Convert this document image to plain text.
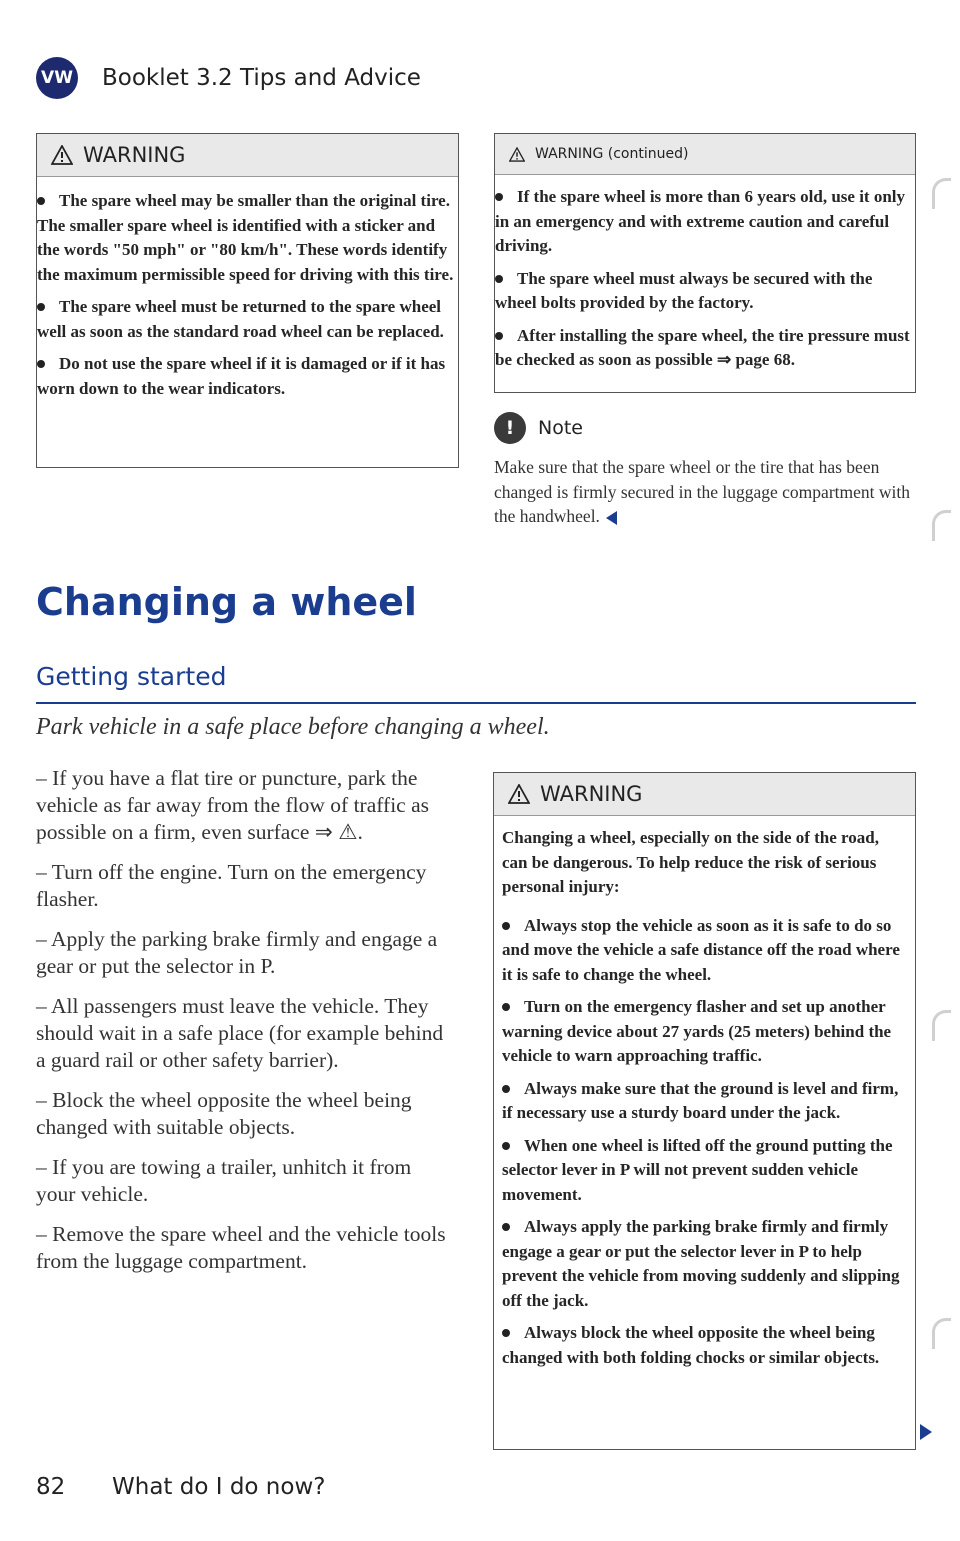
VW Booklet 3.2 Tips and Advice
WARNING
The spare wheel may be smaller than the original tire. The smaller spare wheel is identified with a sticker and the words "50 mph" or "80 km/h". These words identify the maximum permissible speed for driving with this tire.
The spare wheel must be returned to the spare wheel well as soon as the standard road wheel can be replaced.
Do not use the spare wheel if it is damaged or if it has worn down to the wear indicators.
WARNING (continued)
If the spare wheel is more than 6 years old, use it only in an emergency and with extreme caution and careful driving.
The spare wheel must always be secured with the wheel bolts provided by the factory.
After installing the spare wheel, the tire pressure must be checked as soon as possible ⇒ page 68.
!	Note
Make sure that the spare wheel or the tire that has been changed is firmly secured in the luggage compartment with the handwheel.
Changing a wheel
Getting started
Park vehicle in a safe place before changing a wheel.

– If you have a flat tire or puncture, park the vehicle as far away from the flow of traffic as possible on a firm, even surface ⇒ ⚠.

– Turn off the engine. Turn on the emergency flasher.

– Apply the parking brake firmly and engage a gear or put the selector in P.

– All passengers must leave the vehicle. They should wait in a safe place (for example behind a guard rail or other safety barrier).

– Block the wheel opposite the wheel being changed with suitable objects.

– If you are towing a trailer, unhitch it from your vehicle.

– Remove the spare wheel and the vehicle tools from the luggage compartment.

WARNING

Changing a wheel, especially on the side of the road, can be dangerous. To help reduce the risk of serious personal injury:

Always stop the vehicle as soon as it is safe to do so and move the vehicle a safe distance off the road where it is safe to change the wheel.
Turn on the emergency flasher and set up another warning device about 27 yards (25 meters) behind the vehicle to warn approaching traffic.
Always make sure that the ground is level and firm, if necessary use a sturdy board under the jack.
When one wheel is lifted off the ground putting the selector lever in P will not prevent sudden vehicle movement.
Always apply the parking brake firmly and firmly engage a gear or put the selector lever in P to help prevent the vehicle from moving suddenly and slipping off the jack.
Always block the wheel opposite the wheel being changed with both folding chocks or similar objects.
82 What do I do now?
